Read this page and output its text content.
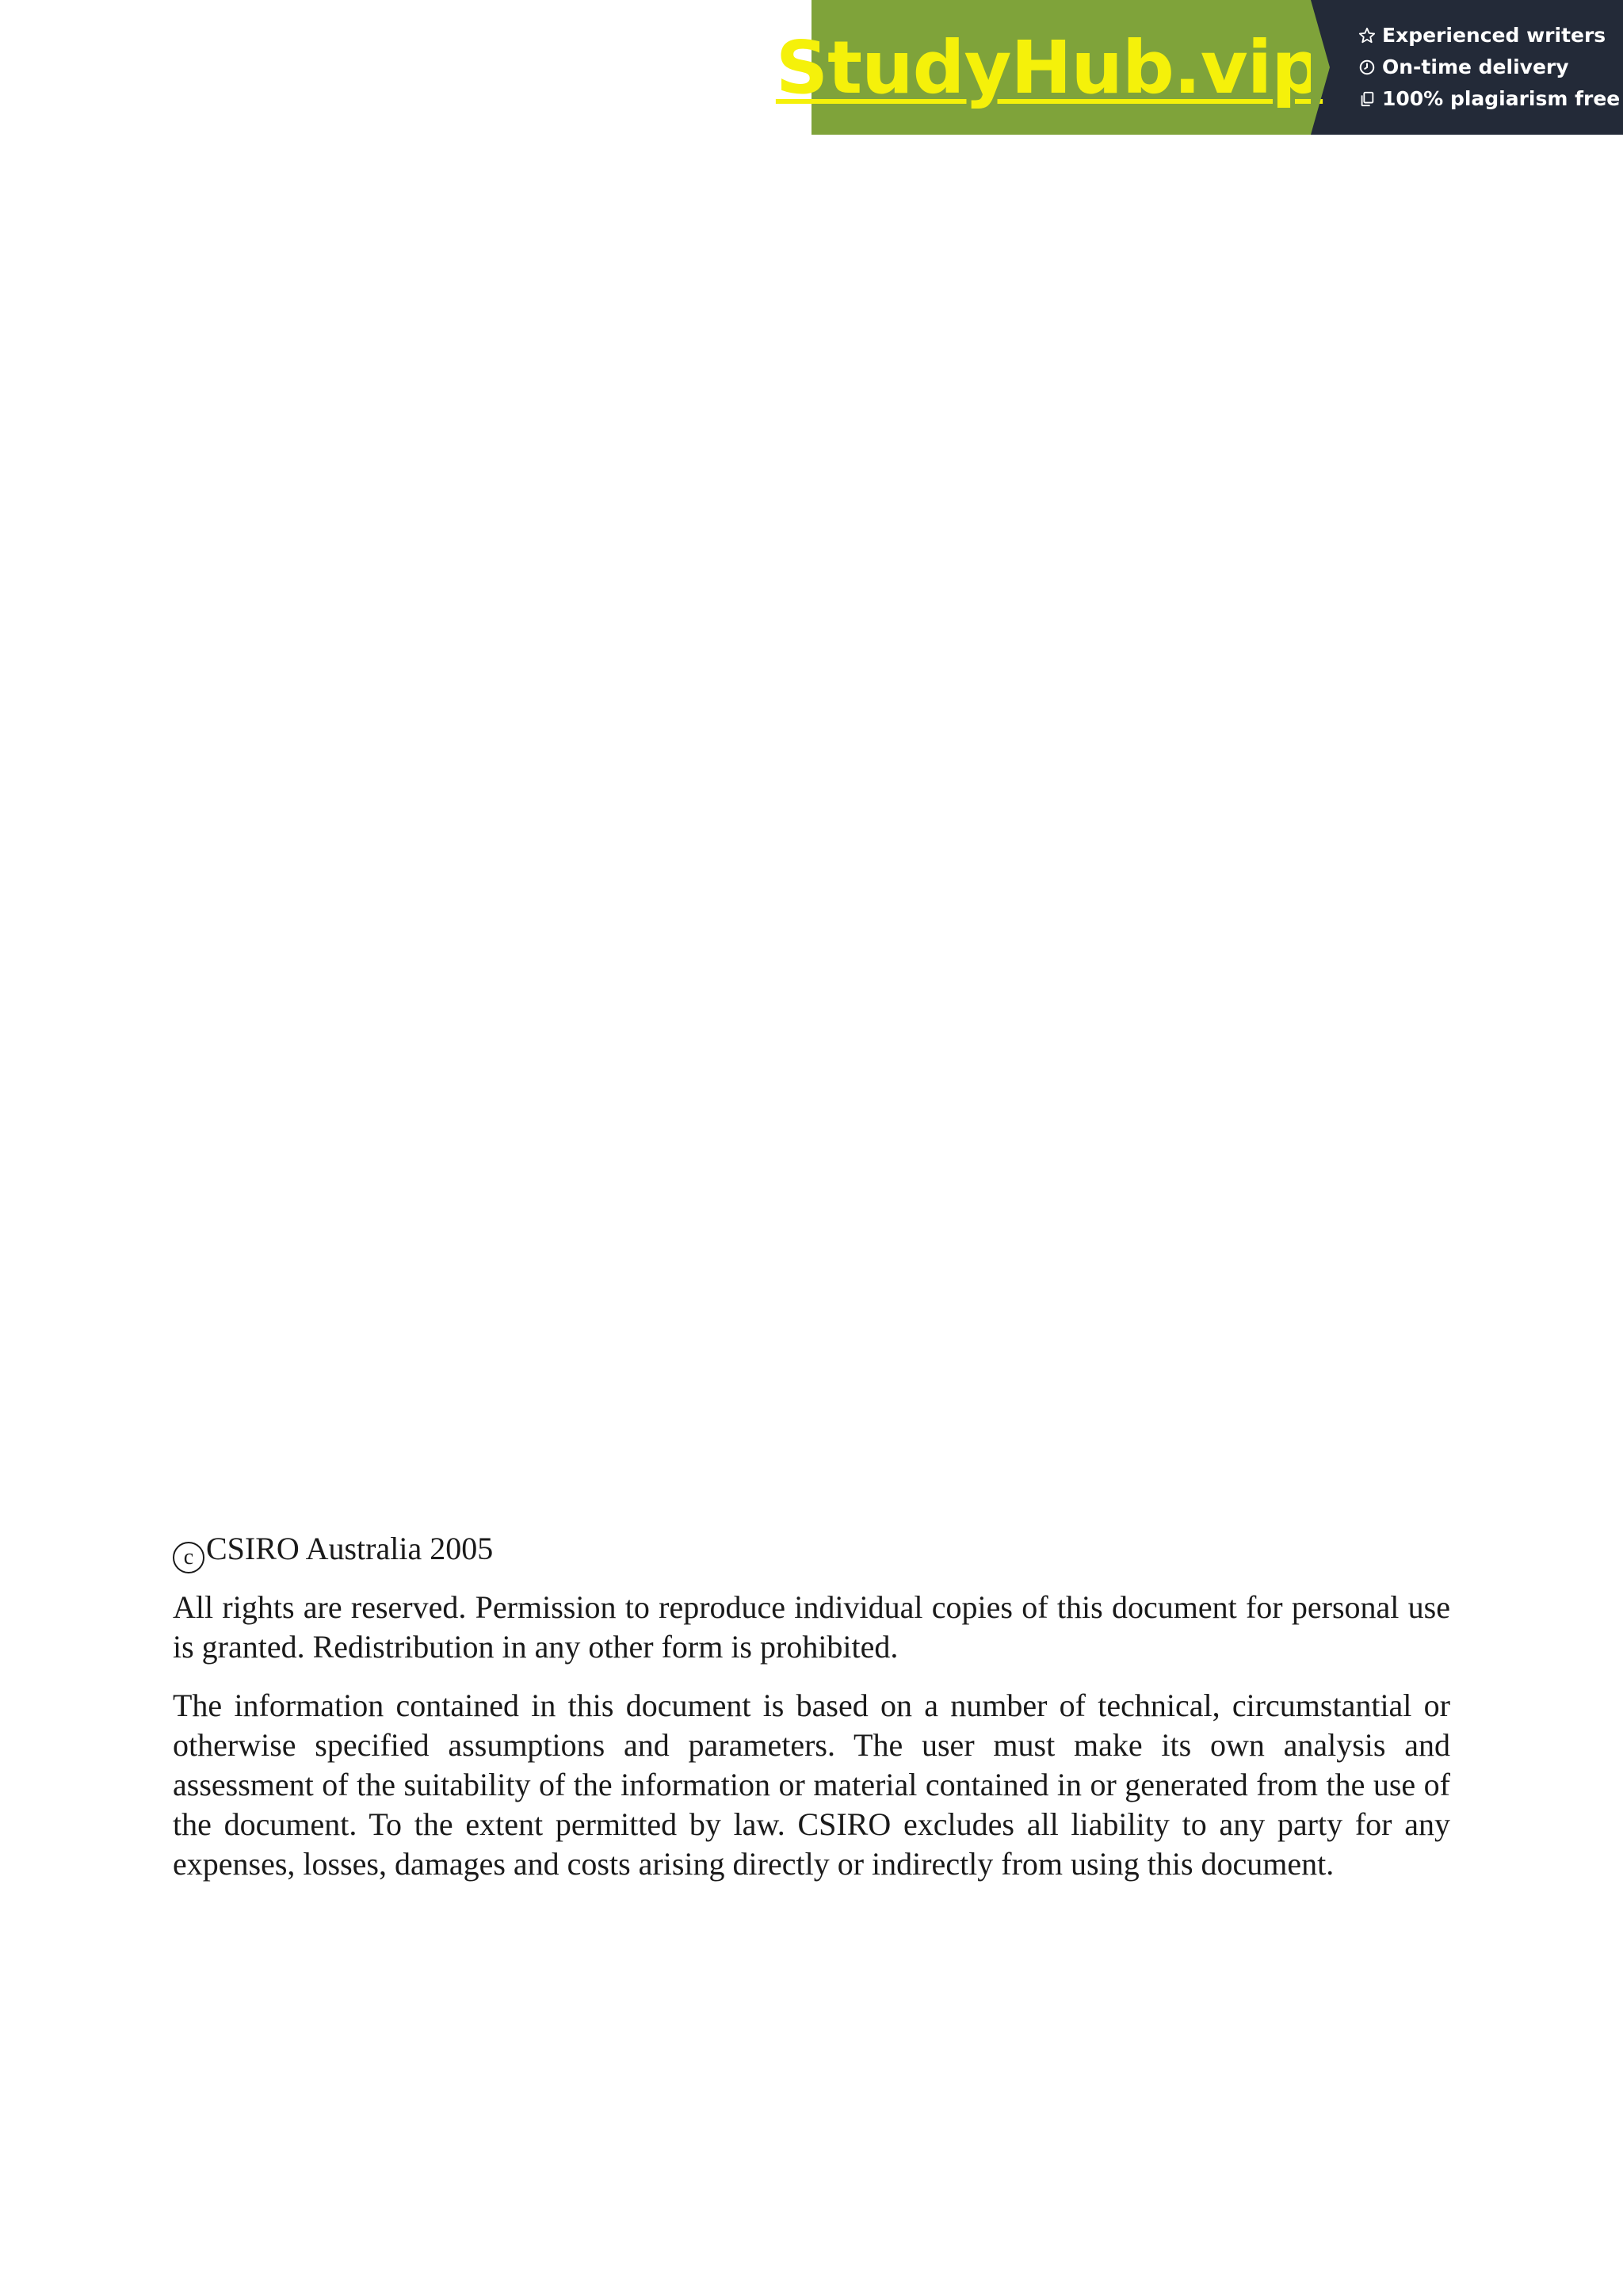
StudyHub.vip	Experienced writers
On-time delivery
100% plagiarism free
c CSIRO Australia 2005

All rights are reserved. Permission to reproduce individual copies of this document for personal use is granted. Redistribution in any other form is prohibited.

The information contained in this document is based on a number of technical, circumstantial or otherwise specified assumptions and parameters. The user must make its own analysis and assessment of the suitability of the information or material contained in or generated from the use of the document. To the extent permitted by law. CSIRO excludes all liability to any party for any expenses, losses, damages and costs arising directly or indirectly from using this document.
